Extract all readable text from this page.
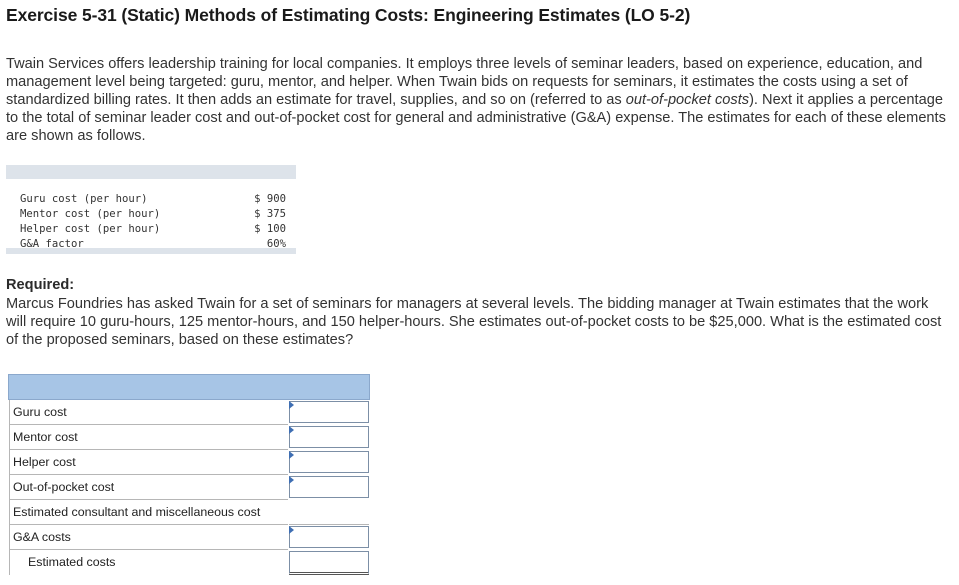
Exercise 5-31 (Static) Methods of Estimating Costs: Engineering Estimates (LO 5-2)

Twain Services offers leadership training for local companies. It employs three levels of seminar leaders, based on experience, education, and management level being targeted: guru, mentor, and helper. When Twain bids on requests for seminars, it estimates the costs using a set of standardized billing rates. It then adds an estimate for travel, supplies, and so on (referred to as out-of-pocket costs). Next it applies a percentage to the total of seminar leader cost and out-of-pocket cost for general and administrative (G&A) expense. The estimates for each of these elements are shown as follows.

Guru cost (per hour)	$ 900
Mentor cost (per hour)	$ 375
Helper cost (per hour)	$ 100
G&A factor	60%
Required:

Marcus Foundries has asked Twain for a set of seminars for managers at several levels. The bidding manager at Twain estimates that the work will require 10 guru-hours, 125 mentor-hours, and 150 helper-hours. She estimates out-of-pocket costs to be $25,000. What is the estimated cost of the proposed seminars, based on these estimates?

Guru cost
Mentor cost
Helper cost
Out-of-pocket cost
Estimated consultant and miscellaneous cost
G&A costs
Estimated costs
